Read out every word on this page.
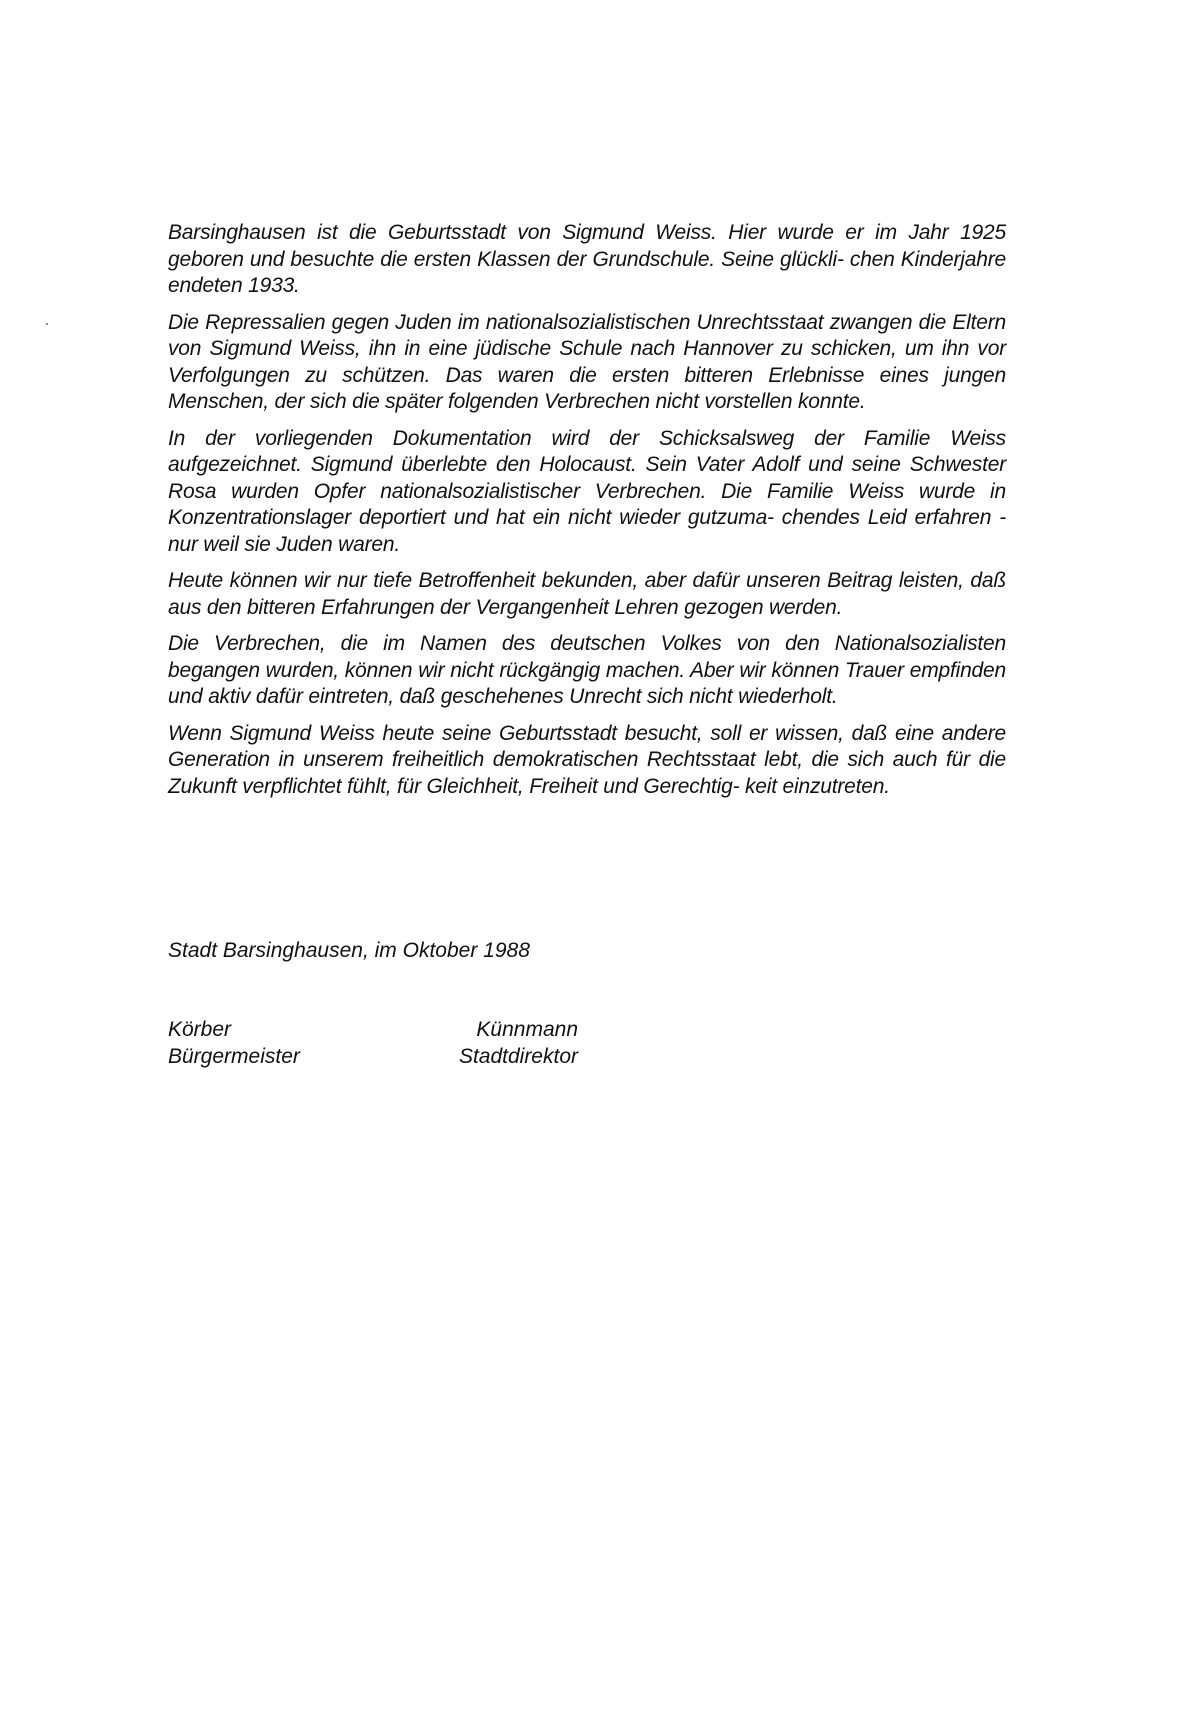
Barsinghausen ist die Geburtsstadt von Sigmund Weiss. Hier wurde er im Jahr 1925 geboren und besuchte die ersten Klassen der Grundschule. Seine glückli- chen Kinderjahre endeten 1933.

Die Repressalien gegen Juden im nationalsozialistischen Unrechtsstaat zwangen die Eltern von Sigmund Weiss, ihn in eine jüdische Schule nach Hannover zu schicken, um ihn vor Verfolgungen zu schützen. Das waren die ersten bitteren Erlebnisse eines jungen Menschen, der sich die später folgenden Verbrechen nicht vorstellen konnte.

In der vorliegenden Dokumentation wird der Schicksalsweg der Familie Weiss aufgezeichnet. Sigmund überlebte den Holocaust. Sein Vater Adolf und seine Schwester Rosa wurden Opfer nationalsozialistischer Verbrechen. Die Familie Weiss wurde in Konzentrationslager deportiert und hat ein nicht wieder gutzuma- chendes Leid erfahren - nur weil sie Juden waren.

Heute können wir nur tiefe Betroffenheit bekunden, aber dafür unseren Beitrag leisten, daß aus den bitteren Erfahrungen der Vergangenheit Lehren gezogen werden.

Die Verbrechen, die im Namen des deutschen Volkes von den Nationalsozialisten begangen wurden, können wir nicht rückgängig machen. Aber wir können Trauer empfinden und aktiv dafür eintreten, daß geschehenes Unrecht sich nicht wiederholt.

Wenn Sigmund Weiss heute seine Geburtsstadt besucht, soll er wissen, daß eine andere Generation in unserem freiheitlich demokratischen Rechtsstaat lebt, die sich auch für die Zukunft verpflichtet fühlt, für Gleichheit, Freiheit und Gerechtig- keit einzutreten.

Stadt Barsinghausen, im Oktober 1988
Körber
Bürgermeister
Künnmann
Stadtdirektor
